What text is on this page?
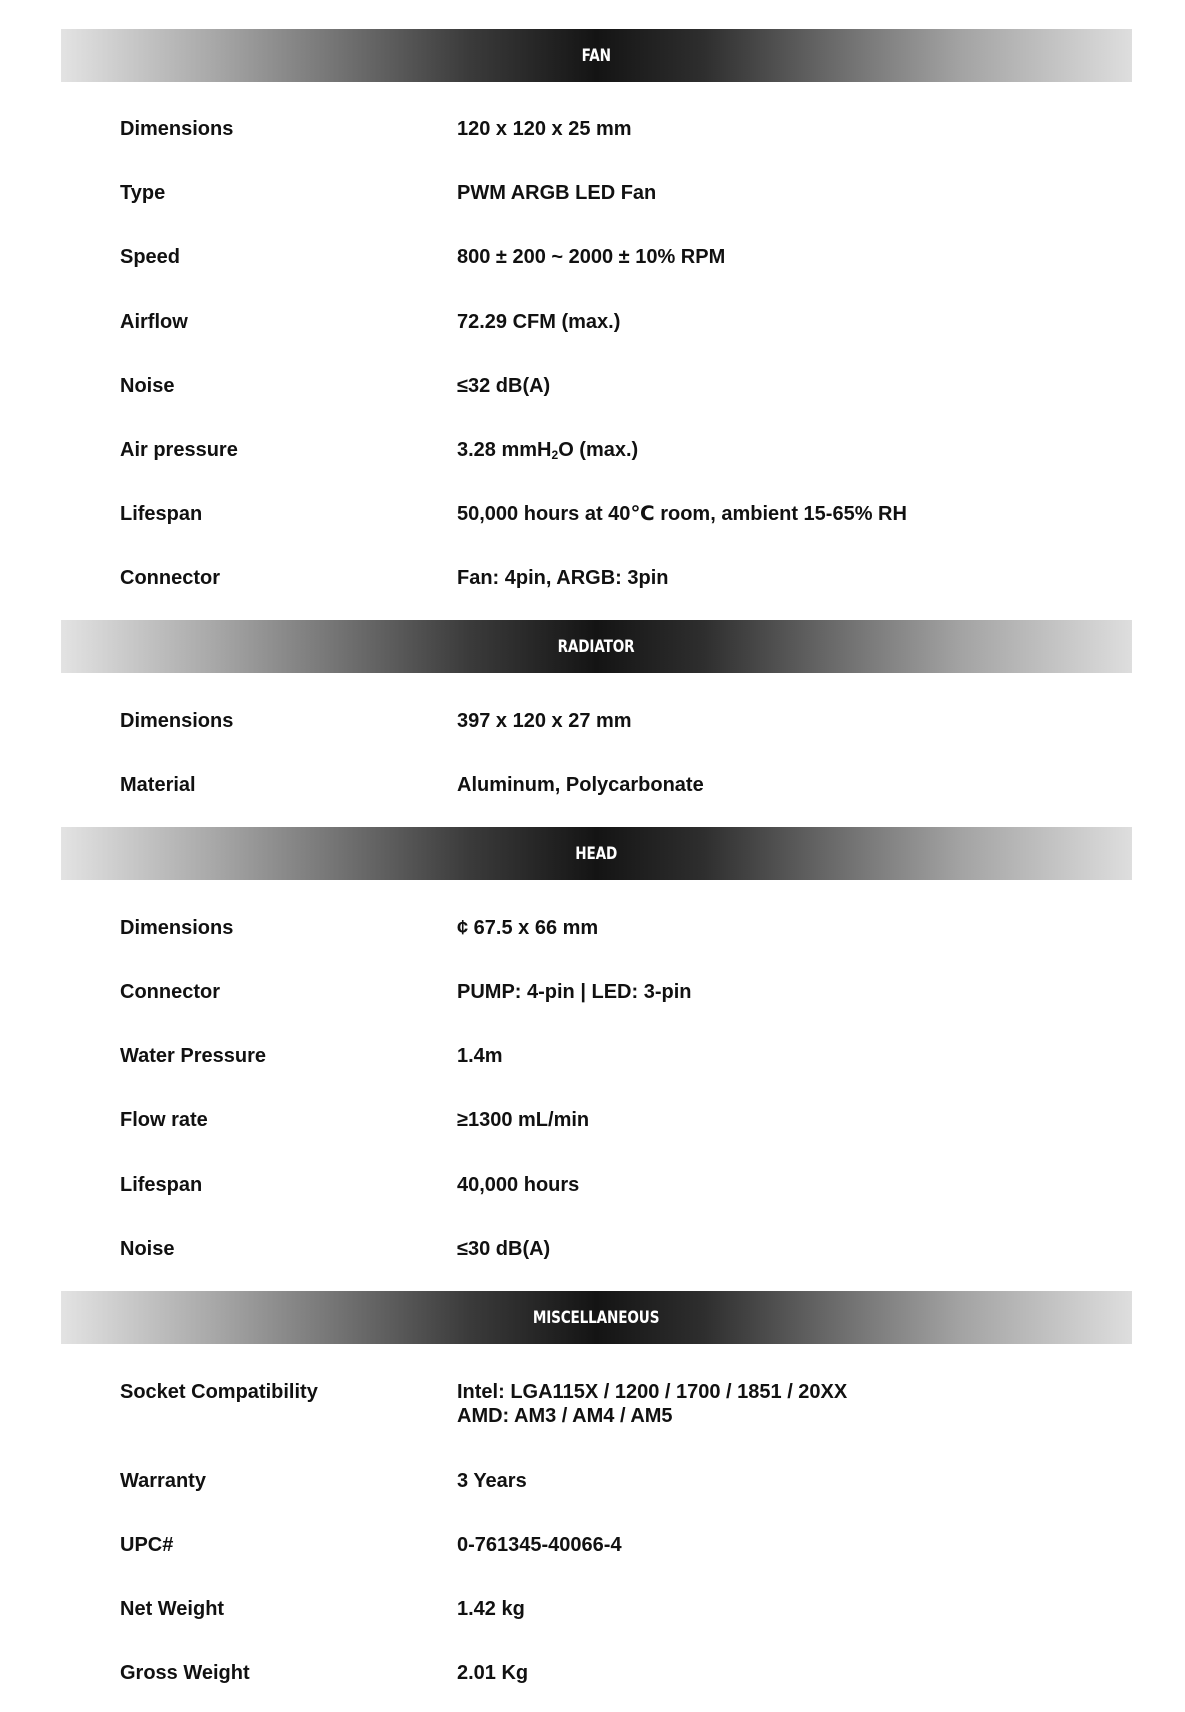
FAN
Dimensions	120 x 120 x 25 mm
Type	PWM ARGB LED Fan
Speed	800 ± 200 ~ 2000 ± 10% RPM
Airflow	72.29 CFM (max.)
Noise	≤32 dB(A)
Air pressure	3.28 mmH$_2$O (max.)
Lifespan	50,000 hours at 40℃ room, ambient 15-65% RH
Connector	Fan: 4pin, ARGB: 3pin
RADIATOR
Dimensions	397 x 120 x 27 mm
Material	Aluminum, Polycarbonate
HEAD
Dimensions	¢ 67.5 x 66 mm
Connector	PUMP: 4-pin | LED: 3-pin
Water Pressure	1.4m
Flow rate	≥1300 mL/min
Lifespan	40,000 hours
Noise	≤30 dB(A)
MISCELLANEOUS
Socket Compatibility	Intel: LGA115X / 1200 / 1700 / 1851 / 20XX
AMD: AM3 / AM4 / AM5
Warranty	3 Years
UPC#	0-761345-40066-4
Net Weight	1.42 kg
Gross Weight	2.01 Kg
